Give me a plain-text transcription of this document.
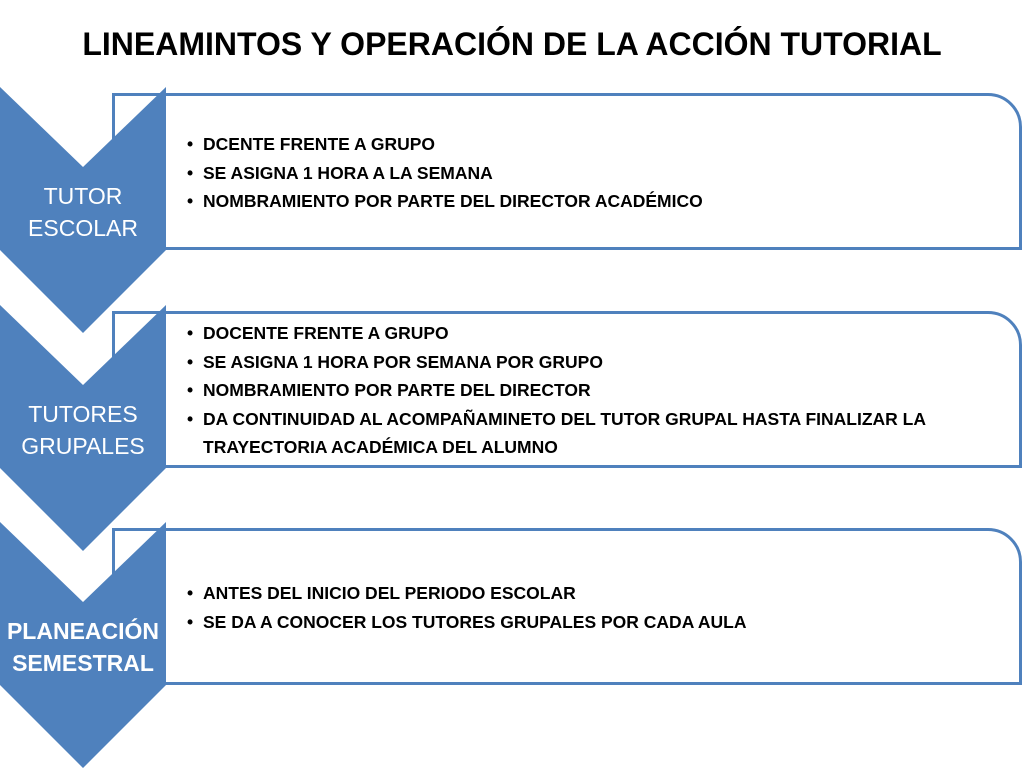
LINEAMINTOS Y OPERACIÓN DE LA ACCIÓN TUTORIAL
• DCENTE FRENTE A GRUPO
• SE ASIGNA 1 HORA A LA SEMANA
• NOMBRAMIENTO POR PARTE DEL DIRECTOR ACADÉMICO
• DOCENTE FRENTE A GRUPO
• SE ASIGNA 1 HORA POR SEMANA POR GRUPO
• NOMBRAMIENTO POR PARTE DEL DIRECTOR
• DA CONTINUIDAD AL ACOMPAÑAMINETO DEL TUTOR GRUPAL HASTA FINALIZAR LA TRAYECTORIA ACADÉMICA DEL ALUMNO
• ANTES DEL INICIO DEL PERIODO ESCOLAR
• SE DA A CONOCER LOS TUTORES GRUPALES POR CADA AULA
TUTOR
ESCOLAR
TUTORES
GRUPALES
PLANEACIÓN
SEMESTRAL
